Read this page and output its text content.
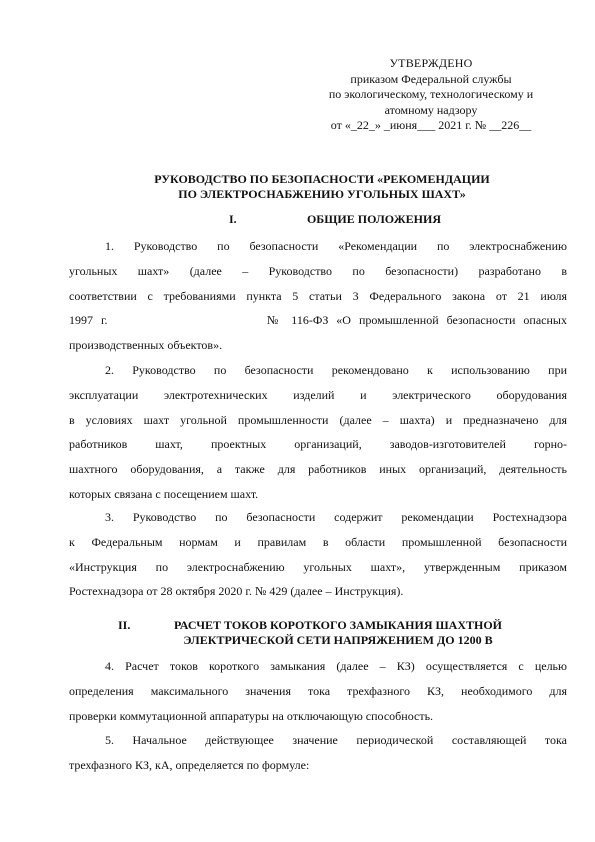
УТВЕРЖДЕНО
приказом Федеральной службы
по экологическому, технологическому и
атомному надзору
от «_22_» _июня___ 2021 г. № __226__
РУКОВОДСТВО ПО БЕЗОПАСНОСТИ «РЕКОМЕНДАЦИИ
ПО ЭЛЕКТРОСНАБЖЕНИЮ УГОЛЬНЫХ ШАХТ»
I.	ОБЩИЕ ПОЛОЖЕНИЯ
1. Руководство по безопасности «Рекомендации по электроснабжению
угольных шахт» (далее – Руководство по безопасности) разработано в
соответствии с требованиями пункта 5 статьи 3 Федерального закона от 21 июля
1997 г.                    № 116-ФЗ «О промышленной безопасности опасных
производственных объектов».
2. Руководство по безопасности рекомендовано к использованию при
эксплуатации электротехнических изделий и электрического оборудования
в условиях шахт угольной промышленности (далее – шахта) и предназначено для
работников шахт, проектных организаций, заводов-изготовителей горно-
шахтного оборудования, а также для работников иных организаций, деятельность
которых связана с посещением шахт.
3. Руководство по безопасности содержит рекомендации Ростехнадзора
к Федеральным нормам и правилам в области промышленной безопасности
«Инструкция по электроснабжению угольных шахт», утвержденным приказом
Ростехнадзора от 28 октября 2020 г. № 429 (далее – Инструкция).
II.	РАСЧЕТ ТОКОВ КОРОТКОГО ЗАМЫКАНИЯ ШАХТНОЙ
ЭЛЕКТРИЧЕСКОЙ СЕТИ НАПРЯЖЕНИЕМ ДО 1200 В
4. Расчет токов короткого замыкания (далее – КЗ) осуществляется с целью
определения максимального значения тока трехфазного КЗ, необходимого для
проверки коммутационной аппаратуры на отключающую способность.
5. Начальное действующее значение периодической составляющей тока
трехфазного КЗ, кА, определяется по формуле:
